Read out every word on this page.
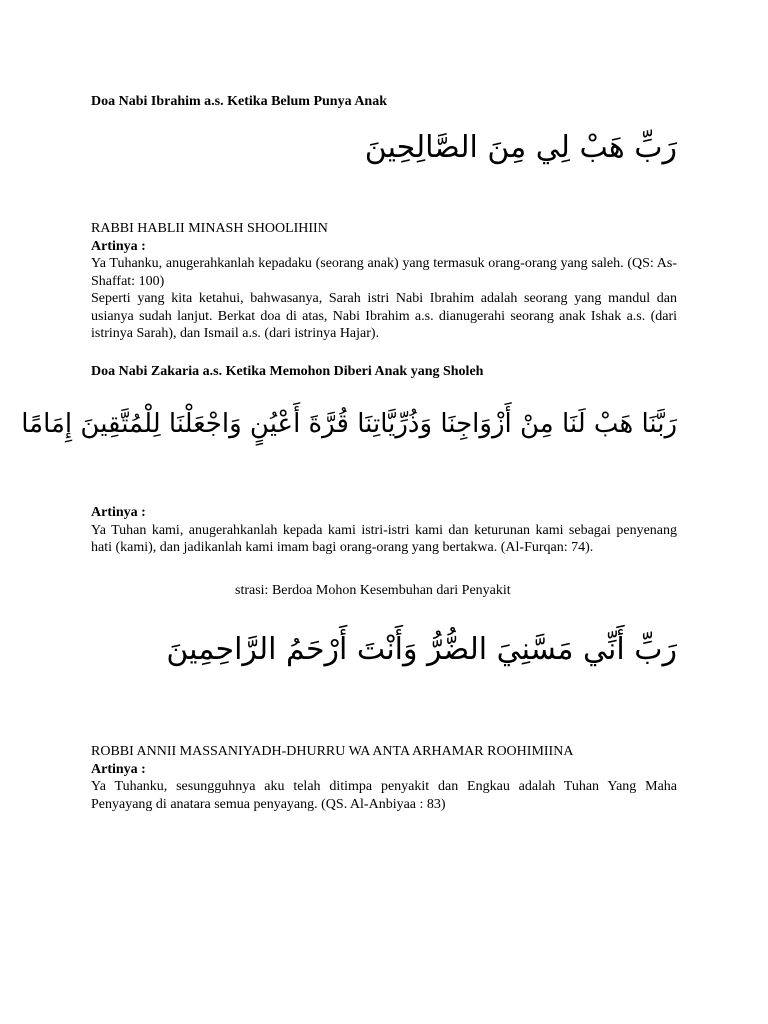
Doa Nabi Ibrahim a.s. Ketika Belum Punya Anak

رَبِّ هَبْ لِي مِنَ الصَّالِحِينَ

RABBI HABLII MINASH SHOOLIHIIN
Artinya :
Ya Tuhanku, anugerahkanlah kepadaku (seorang anak) yang termasuk orang-orang yang saleh. (QS: As-Shaffat: 100)
Seperti yang kita ketahui, bahwasanya, Sarah istri Nabi Ibrahim adalah seorang yang mandul dan usianya sudah lanjut. Berkat doa di atas, Nabi Ibrahim a.s. dianugerahi seorang anak Ishak a.s. (dari istrinya Sarah), dan Ismail a.s. (dari istrinya Hajar).

Doa Nabi Zakaria a.s. Ketika Memohon Diberi Anak yang Sholeh

رَبَّنَا هَبْ لَنَا مِنْ أَزْوَاجِنَا وَذُرِّيَّاتِنَا قُرَّةَ أَعْيُنٍ وَاجْعَلْنَا لِلْمُتَّقِينَ إِمَامًا

Artinya :
Ya Tuhan kami, anugerahkanlah kepada kami istri-istri kami dan keturunan kami sebagai penyenang hati (kami), dan jadikanlah kami imam bagi orang-orang yang bertakwa. (Al-Furqan: 74).

strasi: Berdoa Mohon Kesembuhan dari Penyakit

رَبِّ أَنِّي مَسَّنِيَ الضُّرُّ وَأَنْتَ أَرْحَمُ الرَّاحِمِينَ

ROBBI ANNII MASSANIYADH-DHURRU WA ANTA ARHAMAR ROOHIMIINA
Artinya :
Ya Tuhanku, sesungguhnya aku telah ditimpa penyakit dan Engkau adalah Tuhan Yang Maha Penyayang di anatara semua penyayang. (QS. Al-Anbiyaa : 83)
